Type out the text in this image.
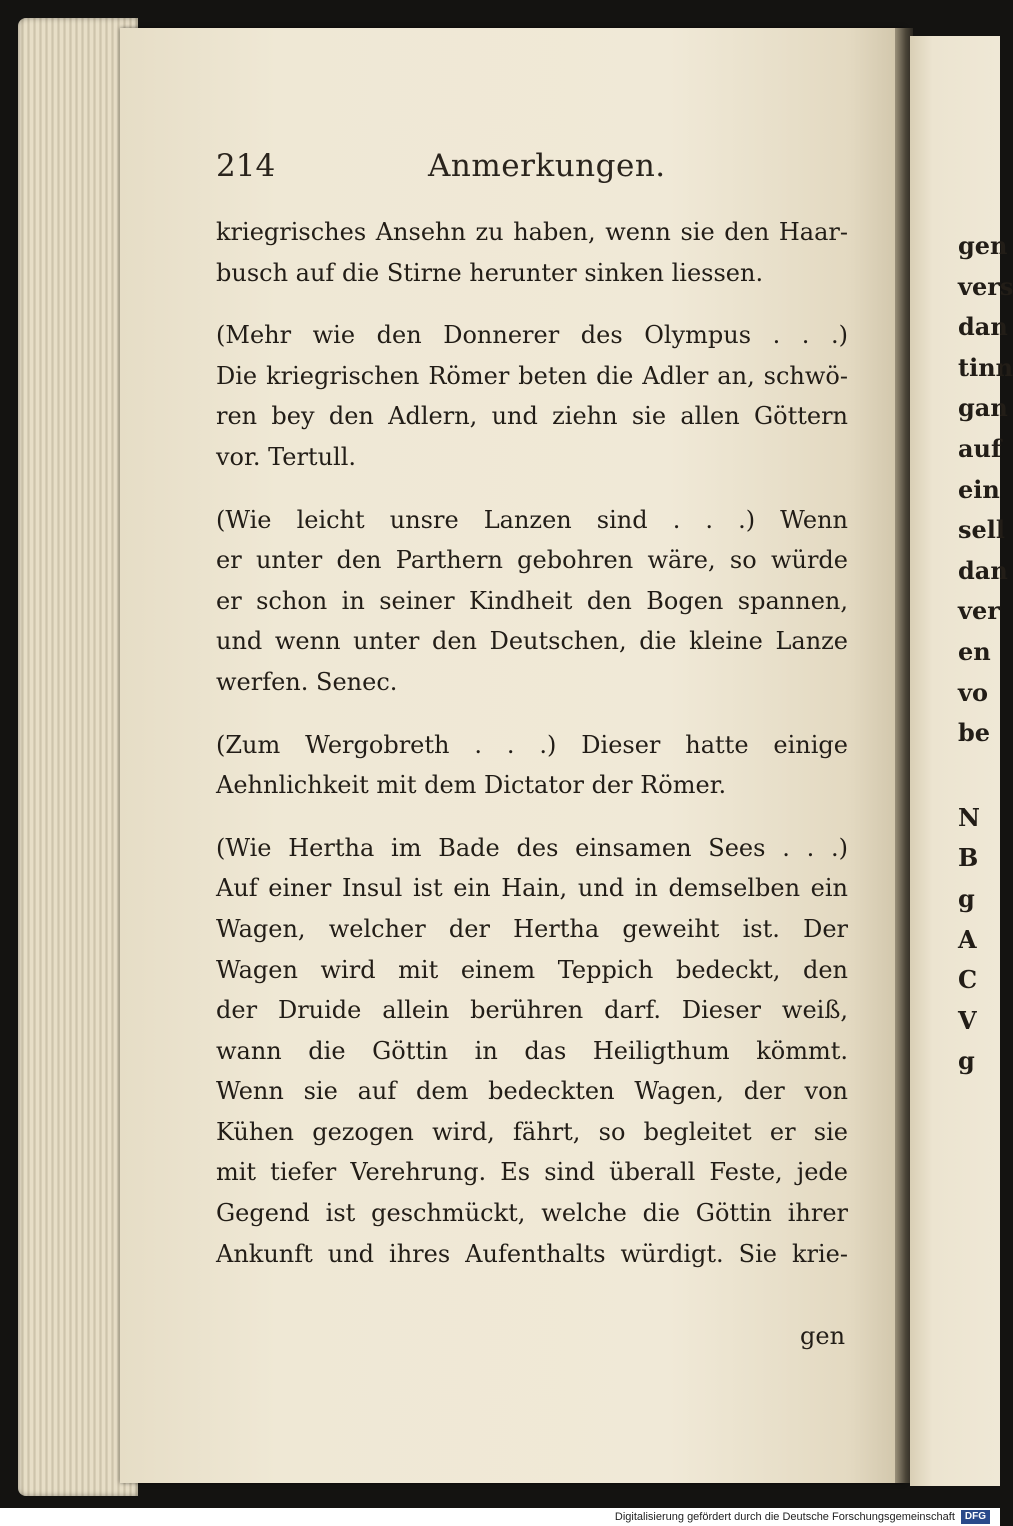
gen
vers
dan
tinn
gan
auf
ein
sell
dan
ver
en
vo
be
N
B
g
A
C
V
g
214	Anmerkungen.
kriegrisches Ansehn zu haben, wenn sie den Haar-
busch auf die Stirne herunter sinken liessen.
(Mehr wie den Donnerer des Olympus . . .)
Die kriegrischen Römer beten die Adler an, schwö-
ren bey den Adlern, und ziehn sie allen Göttern
vor. Tertull.
(Wie leicht unsre Lanzen sind . . .) Wenn
er unter den Parthern gebohren wäre, so würde
er schon in seiner Kindheit den Bogen spannen,
und wenn unter den Deutschen, die kleine Lanze
werfen. Senec.
(Zum Wergobreth . . .) Dieser hatte einige
Aehnlichkeit mit dem Dictator der Römer.
(Wie Hertha im Bade des einsamen Sees . . .)
Auf einer Insul ist ein Hain, und in demselben ein
Wagen, welcher der Hertha geweiht ist. Der
Wagen wird mit einem Teppich bedeckt, den
der Druide allein berühren darf. Dieser weiß,
wann die Göttin in das Heiligthum kömmt.
Wenn sie auf dem bedeckten Wagen, der von
Kühen gezogen wird, fährt, so begleitet er sie
mit tiefer Verehrung. Es sind überall Feste, jede
Gegend ist geschmückt, welche die Göttin ihrer
Ankunft und ihres Aufenthalts würdigt. Sie krie-
gen
Digitalisierung gefördert durch die Deutsche Forschungsgemeinschaft	DFG
